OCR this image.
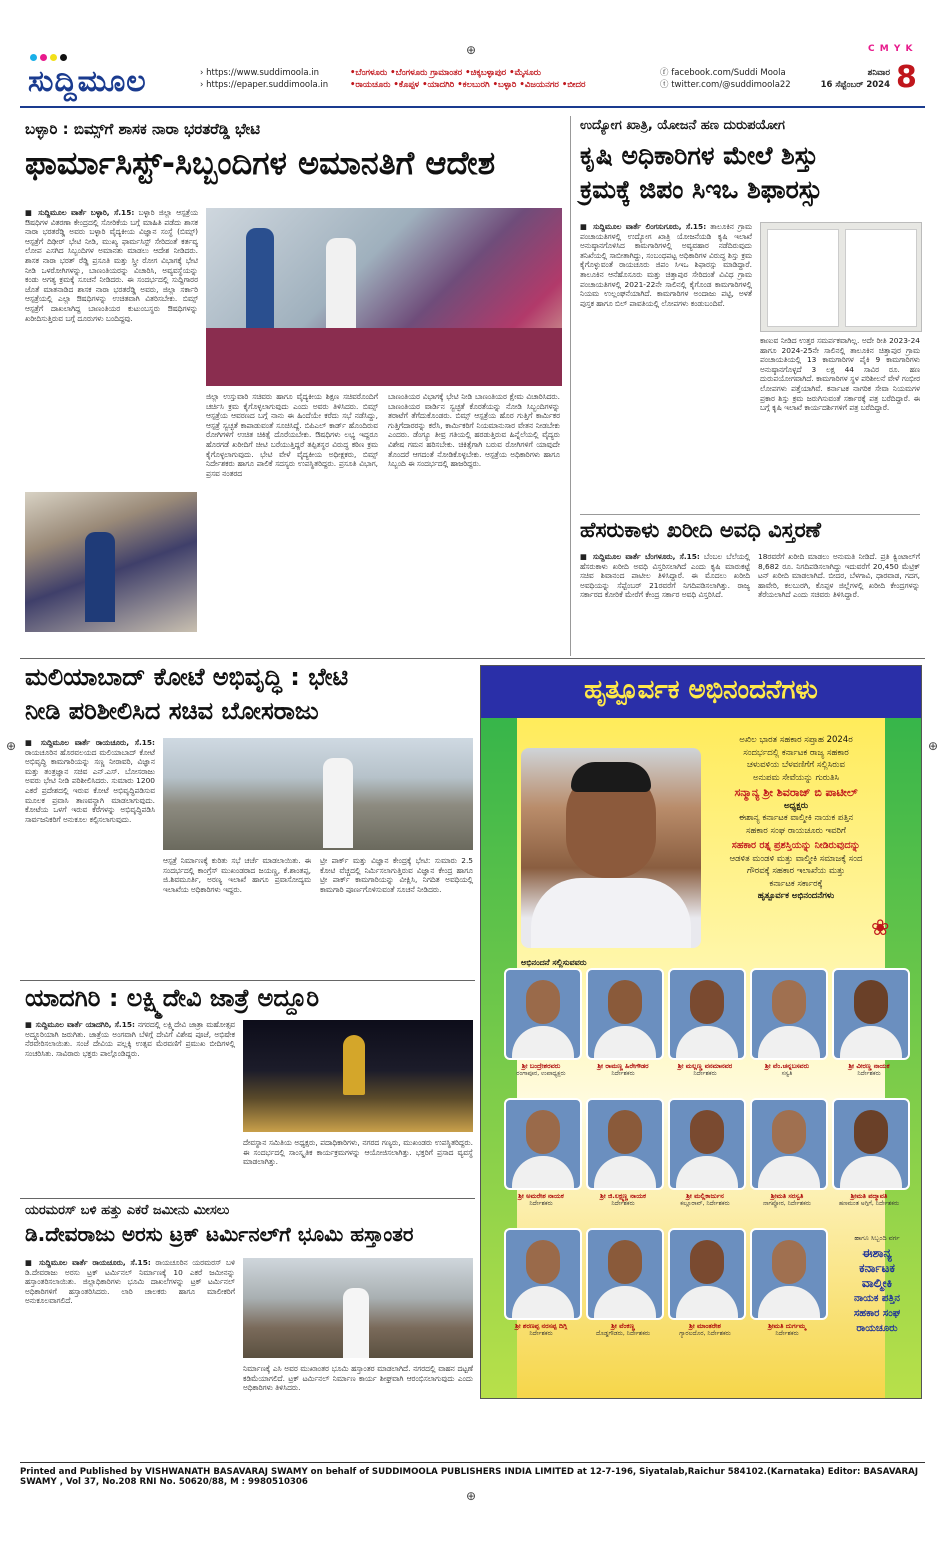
⊕	C M Y K
⊕	⊕
⊕
ಸುದ್ದಿಮೂಲ	› https://www.suddimoola.in
› https://epaper.suddimoola.in
•ಬೆಂಗಳೂರು •ಬೆಂಗಳೂರು ಗ್ರಾಮಾಂತರ •ಚಿಕ್ಕಬಳ್ಳಾಪುರ •ಮೈಸೂರು
•ರಾಯಚೂರು •ಕೊಪ್ಪಳ •ಯಾದಗಿರಿ •ಕಲಬುರಗಿ •ಬಳ್ಳಾರಿ •ವಿಜಯನಗರ •ಬೀದರ
ⓕ facebook.com/Suddi Moola
ⓣ twitter.com/@suddimoola22
ಶನಿವಾರ
16 ಸೆಪ್ಟೆಂಬರ್ 2024 8
ಬಳ್ಳಾರಿ : ಬಿಮ್ಸ್‌ಗೆ ಶಾಸಕ ನಾರಾ ಭರತರೆಡ್ಡಿ ಭೇಟಿ
ಫಾರ್ಮಾಸಿಸ್ಟ್-ಸಿಬ್ಬಂದಿಗಳ ಅಮಾನತಿಗೆ ಆದೇಶ
■ ಸುದ್ದಿಮೂಲ ವಾರ್ತೆ ಬಳ್ಳಾರಿ, ಸೆ.15: ಬಳ್ಳಾರಿ ಜಿಲ್ಲಾ ಆಸ್ಪತ್ರೆಯ ಔಷಧಿಗಳ ವಿತರಣಾ ಕೇಂದ್ರದಲ್ಲಿ ಸೋರಿಕೆಯ ಬಗ್ಗೆ ಮಾಹಿತಿ ಪಡೆದು ಶಾಸಕ ನಾರಾ ಭರತರೆಡ್ಡಿ ಅವರು ಬಳ್ಳಾರಿ ವೈದ್ಯಕೀಯ ವಿಜ್ಞಾನ ಸಂಸ್ಥೆ (ಬಿಮ್ಸ್) ಆಸ್ಪತ್ರೆಗೆ ದಿಢೀರ್ ಭೇಟಿ ನೀಡಿ, ಮುಖ್ಯ ಫಾರ್ಮಸಿಸ್ಟ್ ಸೇರಿದಂತೆ ಕರ್ತವ್ಯ ಲೋಪ ಎಸಗಿದ ಸಿಬ್ಬಂದಿಗಳ ಅಮಾನತು ಮಾಡಲು ಆದೇಶ ನೀಡಿದರು. ಶಾಸಕ ನಾರಾ ಭರತ್ ರೆಡ್ಡಿ ಪ್ರಸೂತಿ ಮತ್ತು ಸ್ತ್ರೀ ರೋಗ ವಿಭಾಗಕ್ಕೆ ಭೇಟಿ ನೀಡಿ ಒಳರೋಗಿಗಳನ್ನು, ಬಾಣಂತಿಯರನ್ನು ವಿಚಾರಿಸಿ, ಅವ್ಯವಸ್ಥೆಯನ್ನು ಕಂಡು ಅಗತ್ಯ ಕ್ರಮಕ್ಕೆ ಸೂಚನೆ ನೀಡಿದರು. ಈ ಸಂದರ್ಭದಲ್ಲಿ ಸುದ್ದಿಗಾರರ ಜೊತೆ ಮಾತನಾಡಿದ ಶಾಸಕ ನಾರಾ ಭರತರೆಡ್ಡಿ ಅವರು, ಜಿಲ್ಲಾ ಸರ್ಕಾರಿ ಆಸ್ಪತ್ರೆಯಲ್ಲಿ ಎಲ್ಲಾ ಔಷಧಿಗಳನ್ನು ಉಚಿತವಾಗಿ ವಿತರಿಸಬೇಕು. ಬಿಮ್ಸ್ ಆಸ್ಪತ್ರೆಗೆ ದಾಖಲಾಗಿದ್ದ ಬಾಣಂತಿಯರ ಕುಟುಂಬಸ್ಥರು ಔಷಧಿಗಳನ್ನು ಖರೀದಿಸುತ್ತಿರುವ ಬಗ್ಗೆ ದೂರುಗಳು ಬಂದಿದ್ದವು.
ಜಿಲ್ಲಾ ಉಸ್ತುವಾರಿ ಸಚಿವರು ಹಾಗೂ ವೈದ್ಯಕೀಯ ಶಿಕ್ಷಣ ಸಚಿವರೊಂದಿಗೆ ಚರ್ಚಿಸಿ ಕ್ರಮ ಕೈಗೊಳ್ಳಲಾಗುವುದು ಎಂದು ಅವರು ತಿಳಿಸಿದರು. ಬಿಮ್ಸ್ ಆಸ್ಪತ್ರೆಯ ಆವರಣದ ಬಗ್ಗೆ ನಾನು ಈ ಹಿಂದೆಯೇ ಕರೆದು ಸಭೆ ನಡೆಸಿದ್ದು, ಆಸ್ಪತ್ರೆ ಸ್ವಚ್ಛತೆ ಕಾಪಾಡುವಂತೆ ಸೂಚಿಸಿದ್ದೆ. ಬಿಪಿಎಲ್ ಕಾರ್ಡ್ ಹೊಂದಿರುವ ರೋಗಿಗಳಿಗೆ ಉಚಿತ ಚಿಕಿತ್ಸೆ ದೊರೆಯಬೇಕು. ಔಷಧಿಗಳು ಲಭ್ಯ ಇದ್ದರೂ ಹೊರಗಡೆ ಖರೀದಿಗೆ ಚೀಟಿ ಬರೆಯುತ್ತಿದ್ದರೆ ತಪ್ಪಿತಸ್ಥರ ವಿರುದ್ಧ ಕಠಿಣ ಕ್ರಮ ಕೈಗೊಳ್ಳಲಾಗುವುದು. ಭೇಟಿ ವೇಳೆ ವೈದ್ಯಕೀಯ ಅಧೀಕ್ಷಕರು, ಬಿಮ್ಸ್ ನಿರ್ದೇಶಕರು ಹಾಗೂ ಪಾಲಿಕೆ ಸದಸ್ಯರು ಉಪಸ್ಥಿತರಿದ್ದರು. ಪ್ರಸೂತಿ ವಿಭಾಗ, ಪ್ರಸವ ನಂತರದ
ಬಾಣಂತಿಯರ ವಿಭಾಗಕ್ಕೆ ಭೇಟಿ ನೀಡಿ ಬಾಣಂತಿಯರ ಕ್ಷೇಮ ವಿಚಾರಿಸಿದರು. ಬಾಣಂತಿಯರ ವಾರ್ಡಿನ ಸ್ವಚ್ಛತೆ ಕೊರತೆಯನ್ನು ನೋಡಿ ಸಿಬ್ಬಂದಿಗಳನ್ನು ತರಾಟೆಗೆ ತೆಗೆದುಕೊಂಡರು. ಬಿಮ್ಸ್ ಆಸ್ಪತ್ರೆಯ ಹೊರ ಗುತ್ತಿಗೆ ಕಾರ್ಮಿಕರ ಗುತ್ತಿಗೆದಾರರನ್ನು ಕರೆಸಿ, ಕಾರ್ಮಿಕರಿಗೆ ನಿಯಮಾನುಸಾರ ವೇತನ ನೀಡಬೇಕು ಎಂದರು. ಡೆಂಗ್ಯೂ ತೀವ್ರ ಗತಿಯಲ್ಲಿ ಹರಡುತ್ತಿರುವ ಹಿನ್ನೆಲೆಯಲ್ಲಿ ವೈದ್ಯರು ವಿಶೇಷ ಗಮನ ಹರಿಸಬೇಕು. ಚಿಕಿತ್ಸೆಗಾಗಿ ಬರುವ ರೋಗಿಗಳಿಗೆ ಯಾವುದೇ ತೊಂದರೆ ಆಗದಂತೆ ನೋಡಿಕೊಳ್ಳಬೇಕು. ಆಸ್ಪತ್ರೆಯ ಅಧಿಕಾರಿಗಳು ಹಾಗೂ ಸಿಬ್ಬಂದಿ ಈ ಸಂದರ್ಭದಲ್ಲಿ ಹಾಜರಿದ್ದರು.
ಉದ್ಯೋಗ ಖಾತ್ರಿ, ಯೋಜನೆ ಹಣ ದುರುಪಯೋಗ
ಕೃಷಿ ಅಧಿಕಾರಿಗಳ ಮೇಲೆ ಶಿಸ್ತು
ಕ್ರಮಕ್ಕೆ ಜಿಪಂ ಸಿಇಒ ಶಿಫಾರಸ್ಸು
■ ಸುದ್ದಿಮೂಲ ವಾರ್ತೆ ಲಿಂಗಸುಗೂರು, ಸೆ.15: ತಾಲೂಕಿನ ಗ್ರಾಮ ಪಂಚಾಯತಿಗಳಲ್ಲಿ ಉದ್ಯೋಗ ಖಾತ್ರಿ ಯೋಜನೆಯಡಿ ಕೃಷಿ ಇಲಾಖೆ ಅನುಷ್ಠಾನಗೊಳಿಸಿದ ಕಾಮಗಾರಿಗಳಲ್ಲಿ ಅವ್ಯವಹಾರ ನಡೆದಿರುವುದು ತನಿಖೆಯಲ್ಲಿ ಸಾಬೀತಾಗಿದ್ದು, ಸಂಬಂಧಪಟ್ಟ ಅಧಿಕಾರಿಗಳ ವಿರುದ್ಧ ಶಿಸ್ತು ಕ್ರಮ ಕೈಗೊಳ್ಳುವಂತೆ ರಾಯಚೂರು ಜಿಪಂ ಸಿಇಒ ಶಿಫಾರಸ್ಸು ಮಾಡಿದ್ದಾರೆ. ತಾಲೂಕಿನ ಆನೆಹೊಸೂರು ಮತ್ತು ಚಿತ್ತಾಪುರ ಸೇರಿದಂತೆ ವಿವಿಧ ಗ್ರಾಮ ಪಂಚಾಯತಿಗಳಲ್ಲಿ 2021-22ನೇ ಸಾಲಿನಲ್ಲಿ ಕೈಗೊಂಡ ಕಾಮಗಾರಿಗಳಲ್ಲಿ ನಿಯಮ ಉಲ್ಲಂಘನೆಯಾಗಿದೆ. ಕಾಮಗಾರಿಗಳ ಅಂದಾಜು ಪಟ್ಟಿ, ಅಳತೆ ಪುಸ್ತಕ ಹಾಗೂ ಬಿಲ್ ಪಾವತಿಯಲ್ಲಿ ಲೋಪಗಳು ಕಂಡುಬಂದಿವೆ.
ಕಾಣುವ ನೀಡಿದ ಉತ್ತರ ಸಮರ್ಪಕವಾಗಿಲ್ಲ. ಅದೇ ರೀತಿ 2023-24 ಹಾಗೂ 2024-25ನೇ ಸಾಲಿನಲ್ಲಿ ತಾಲೂಕಿನ ಚಿತ್ತಾಪುರ ಗ್ರಾಮ ಪಂಚಾಯತಿಯಲ್ಲಿ 13 ಕಾಮಗಾರಿಗಳ ಪೈಕಿ 9 ಕಾಮಗಾರಿಗಳು ಅನುಷ್ಠಾನಗೊಳ್ಳದೆ 3 ಲಕ್ಷ 44 ಸಾವಿರ ರೂ. ಹಣ ದುರುಪಯೋಗವಾಗಿದೆ. ಕಾಮಗಾರಿಗಳ ಸ್ಥಳ ಪರಿಶೀಲನೆ ವೇಳೆ ಗಂಭೀರ ಲೋಪಗಳು ಪತ್ತೆಯಾಗಿವೆ. ಕರ್ನಾಟಕ ನಾಗರಿಕ ಸೇವಾ ನಿಯಮಗಳ ಪ್ರಕಾರ ಶಿಸ್ತು ಕ್ರಮ ಜರುಗಿಸುವಂತೆ ಸರ್ಕಾರಕ್ಕೆ ಪತ್ರ ಬರೆದಿದ್ದಾರೆ. ಈ ಬಗ್ಗೆ ಕೃಷಿ ಇಲಾಖೆ ಕಾರ್ಯದರ್ಶಿಗಳಿಗೆ ಪತ್ರ ಬರೆದಿದ್ದಾರೆ.
ಹೆಸರುಕಾಳು ಖರೀದಿ ಅವಧಿ ವಿಸ್ತರಣೆ
■ ಸುದ್ದಿಮೂಲ ವಾರ್ತೆ ಬೆಂಗಳೂರು, ಸೆ.15: ಬೆಂಬಲ ಬೆಲೆಯಲ್ಲಿ ಹೆಸರುಕಾಳು ಖರೀದಿ ಅವಧಿ ವಿಸ್ತರಿಸಲಾಗಿದೆ ಎಂದು ಕೃಷಿ ಮಾರುಕಟ್ಟೆ ಸಚಿವ ಶಿವಾನಂದ ಪಾಟೀಲ ತಿಳಿಸಿದ್ದಾರೆ. ಈ ಮೊದಲು ಖರೀದಿ ಅವಧಿಯನ್ನು ಸೆಪ್ಟೆಂಬರ್ 21ರವರೆಗೆ ನಿಗದಿಪಡಿಸಲಾಗಿತ್ತು. ರಾಜ್ಯ ಸರ್ಕಾರದ ಕೋರಿಕೆ ಮೇರೆಗೆ ಕೇಂದ್ರ ಸರ್ಕಾರ ಅವಧಿ ವಿಸ್ತರಿಸಿದೆ.
18ರವರೆಗೆ ಖರೀದಿ ಮಾಡಲು ಅನುಮತಿ ನೀಡಿದೆ. ಪ್ರತಿ ಕ್ವಿಂಟಾಲ್‌ಗೆ 8,682 ರೂ. ನಿಗದಿಪಡಿಸಲಾಗಿದ್ದು ಇದುವರೆಗೆ 20,450 ಮೆಟ್ರಿಕ್ ಟನ್ ಖರೀದಿ ಮಾಡಲಾಗಿದೆ. ಬೀದರ, ಬೆಳಗಾವಿ, ಧಾರವಾಡ, ಗದಗ, ಹಾವೇರಿ, ಕಲಬುರಗಿ, ಕೊಪ್ಪಳ ಜಿಲ್ಲೆಗಳಲ್ಲಿ ಖರೀದಿ ಕೇಂದ್ರಗಳನ್ನು ತೆರೆಯಲಾಗಿದೆ ಎಂದು ಸಚಿವರು ತಿಳಿಸಿದ್ದಾರೆ.
ಮಲಿಯಾಬಾದ್ ಕೋಟೆ ಅಭಿವೃದ್ಧಿ : ಭೇಟಿ
ನೀಡಿ ಪರಿಶೀಲಿಸಿದ ಸಚಿವ ಬೋಸರಾಜು
■ ಸುದ್ದಿಮೂಲ ವಾರ್ತೆ ರಾಯಚೂರು, ಸೆ.15: ರಾಯಚೂರಿನ ಹೊರವಲಯದ ಮಲಿಯಾಬಾದ್ ಕೋಟೆ ಅಭಿವೃದ್ಧಿ ಕಾಮಗಾರಿಯನ್ನು ಸಣ್ಣ ನೀರಾವರಿ, ವಿಜ್ಞಾನ ಮತ್ತು ತಂತ್ರಜ್ಞಾನ ಸಚಿವ ಎನ್.ಎಸ್. ಬೋಸರಾಜು ಅವರು ಭೇಟಿ ನೀಡಿ ಪರಿಶೀಲಿಸಿದರು. ಸುಮಾರು 1200 ಎಕರೆ ಪ್ರದೇಶದಲ್ಲಿ ಇರುವ ಕೋಟೆ ಅಭಿವೃದ್ಧಿಪಡಿಸುವ ಮೂಲಕ ಪ್ರವಾಸಿ ತಾಣವನ್ನಾಗಿ ಮಾಡಲಾಗುವುದು. ಕೋಟೆಯ ಒಳಗೆ ಇರುವ ಕೆರೆಗಳನ್ನು ಅಭಿವೃದ್ಧಿಪಡಿಸಿ ಸಾರ್ವಜನಿಕರಿಗೆ ಅನುಕೂಲ ಕಲ್ಪಿಸಲಾಗುವುದು.
ಆಸ್ಪತ್ರೆ ನಿರ್ಮಾಣಕ್ಕೆ ಕುರಿತು ಸಭೆ ಚರ್ಚೆ ಮಾಡಲಾಯಿತು. ಈ ಸಂದರ್ಭದಲ್ಲಿ ಕಾಂಗ್ರೆಸ್ ಮುಖಂಡರಾದ ಜಯಣ್ಣ, ಕೆ.ಶಾಂತಪ್ಪ, ಜಿ.ಶಿವಮೂರ್ತಿ, ಅರಣ್ಯ ಇಲಾಖೆ ಹಾಗೂ ಪ್ರವಾಸೋದ್ಯಮ ಇಲಾಖೆಯ ಅಧಿಕಾರಿಗಳು ಇದ್ದರು.
ಟ್ರೀ ಪಾರ್ಕ್ ಮತ್ತು ವಿಜ್ಞಾನ ಕೇಂದ್ರಕ್ಕೆ ಭೇಟಿ: ಸುಮಾರು 2.5 ಕೋಟಿ ವೆಚ್ಚದಲ್ಲಿ ನಿರ್ಮಿಸಲಾಗುತ್ತಿರುವ ವಿಜ್ಞಾನ ಕೇಂದ್ರ ಹಾಗೂ ಟ್ರೀ ಪಾರ್ಕ್ ಕಾಮಗಾರಿಯನ್ನು ವೀಕ್ಷಿಸಿ, ನಿಗದಿತ ಅವಧಿಯಲ್ಲಿ ಕಾಮಗಾರಿ ಪೂರ್ಣಗೊಳಿಸುವಂತೆ ಸೂಚನೆ ನೀಡಿದರು.
ಯಾದಗಿರಿ : ಲಕ್ಷ್ಮಿದೇವಿ ಜಾತ್ರೆ ಅದ್ದೂರಿ
■ ಸುದ್ದಿಮೂಲ ವಾರ್ತೆ ಯಾದಗಿರಿ, ಸೆ.15: ನಗರದಲ್ಲಿ ಲಕ್ಷ್ಮಿದೇವಿ ಜಾತ್ರಾ ಮಹೋತ್ಸವ ಅದ್ದೂರಿಯಾಗಿ ಜರುಗಿತು. ಜಾತ್ರೆಯ ಅಂಗವಾಗಿ ಬೆಳಿಗ್ಗೆ ದೇವಿಗೆ ವಿಶೇಷ ಪೂಜೆ, ಅಭಿಷೇಕ ನೆರವೇರಿಸಲಾಯಿತು. ಸಂಜೆ ದೇವಿಯ ಪಲ್ಲಕ್ಕಿ ಉತ್ಸವ ಮೆರವಣಿಗೆ ಪ್ರಮುಖ ಬೀದಿಗಳಲ್ಲಿ ಸಂಚರಿಸಿತು. ಸಾವಿರಾರು ಭಕ್ತರು ಪಾಲ್ಗೊಂಡಿದ್ದರು.
ದೇವಸ್ಥಾನ ಸಮಿತಿಯ ಅಧ್ಯಕ್ಷರು, ಪದಾಧಿಕಾರಿಗಳು, ನಗರದ ಗಣ್ಯರು, ಮುಖಂಡರು ಉಪಸ್ಥಿತರಿದ್ದರು. ಈ ಸಂದರ್ಭದಲ್ಲಿ ಸಾಂಸ್ಕೃತಿಕ ಕಾರ್ಯಕ್ರಮಗಳನ್ನು ಆಯೋಜಿಸಲಾಗಿತ್ತು. ಭಕ್ತರಿಗೆ ಪ್ರಸಾದ ವ್ಯವಸ್ಥೆ ಮಾಡಲಾಗಿತ್ತು.
ಯರಮರಸ್ ಬಳಿ ಹತ್ತು ಎಕರೆ ಜಮೀನು ಮೀಸಲು
ಡಿ.ದೇವರಾಜು ಅರಸು ಟ್ರಕ್ ಟರ್ಮಿನಲ್‌ಗೆ ಭೂಮಿ ಹಸ್ತಾಂತರ
■ ಸುದ್ದಿಮೂಲ ವಾರ್ತೆ ರಾಯಚೂರು, ಸೆ.15: ರಾಯಚೂರಿನ ಯರಮರಸ್ ಬಳಿ ಡಿ.ದೇವರಾಜು ಅರಸು ಟ್ರಕ್ ಟರ್ಮಿನಲ್ ನಿರ್ಮಾಣಕ್ಕೆ 10 ಎಕರೆ ಜಮೀನನ್ನು ಹಸ್ತಾಂತರಿಸಲಾಯಿತು. ಜಿಲ್ಲಾಧಿಕಾರಿಗಳು ಭೂಮಿ ದಾಖಲೆಗಳನ್ನು ಟ್ರಕ್ ಟರ್ಮಿನಲ್ ಅಧಿಕಾರಿಗಳಿಗೆ ಹಸ್ತಾಂತರಿಸಿದರು. ಲಾರಿ ಚಾಲಕರು ಹಾಗೂ ಮಾಲೀಕರಿಗೆ ಅನುಕೂಲವಾಗಲಿದೆ.
ನಿರ್ಮಾಣಕ್ಕೆ ಎಸಿ ಅವರ ಮುಖಾಂತರ ಭೂಮಿ ಹಸ್ತಾಂತರ ಮಾಡಲಾಗಿದೆ. ನಗರದಲ್ಲಿ ವಾಹನ ದಟ್ಟಣೆ ಕಡಿಮೆಯಾಗಲಿದೆ. ಟ್ರಕ್ ಟರ್ಮಿನಲ್ ನಿರ್ಮಾಣ ಕಾರ್ಯ ಶೀಘ್ರವಾಗಿ ಆರಂಭಿಸಲಾಗುವುದು ಎಂದು ಅಧಿಕಾರಿಗಳು ತಿಳಿಸಿದರು.
ಹೃತ್ಪೂರ್ವಕ ಅಭಿನಂದನೆಗಳು
ಅಖಿಲ ಭಾರತ ಸಹಕಾರ ಸಪ್ತಾಹ 2024ರ
ಸಂದರ್ಭದಲ್ಲಿ ಕರ್ನಾಟಕ ರಾಜ್ಯ ಸಹಕಾರ
ಚಳುವಳಿಯ ಬೆಳವಣಿಗೆಗೆ ಸಲ್ಲಿಸಿರುವ
ಅನುಪಮ ಸೇವೆಯನ್ನು ಗುರುತಿಸಿ
ಸನ್ಮಾನ್ಯ ಶ್ರೀ ಶಿವರಾಜ್ ಬಿ ಪಾಟೀಲ್
ಅಧ್ಯಕ್ಷರು
ಈಶಾನ್ಯ ಕರ್ನಾಟಕ ವಾಲ್ಮೀಕಿ ನಾಯಕ ಪತ್ತಿನ
ಸಹಕಾರ ಸಂಘ ರಾಯಚೂರು ಇವರಿಗೆ
ಸಹಕಾರ ರತ್ನ ಪ್ರಶಸ್ತಿಯನ್ನು ನೀಡಿರುವುದನ್ನು
ಆಡಳಿತ ಮಂಡಳಿ ಮತ್ತು ವಾಲ್ಮೀಕಿ ಸಮಾಜಕ್ಕೆ ಸಂದ
ಗೌರವಕ್ಕೆ ಸಹಕಾರ ಇಲಾಖೆಯ ಮತ್ತು
ಕರ್ನಾಟಕ ಸರ್ಕಾರಕ್ಕೆ
ಹೃತ್ಪೂರ್ವಕ ಅಭಿನಂದನೆಗಳು
❀
ಅಭಿನಂದನೆ ಸಲ್ಲಿಸುವವರು
ಶ್ರೀ ಬಂದ್ರೇಶರವರು
ರಂಗಾಪೂರ, ಉಪಾಧ್ಯಕ್ಷರು
ಶ್ರೀ ರಾಮಣ್ಣ ಹಿರೇಗೌಡರ
ನಿರ್ದೇಶಕರು
ಶ್ರೀ ಮಲ್ಲಣ್ಣ ವನಮಾನವರ
ನಿರ್ದೇಶಕರು
ಶ್ರೀ ವೆಂ.ಚನ್ನಬಸವರು
ಸಸ್ವತಿ
ಶ್ರೀ ವೀರಣ್ಣ ನಾಯಕ
ನಿರ್ದೇಶಕರು
ಶ್ರೀ ಅಮರೇಶ ನಾಯಕ
ನಿರ್ದೇಶಕರು
ಶ್ರೀ ಜಿ.ಲಕ್ಷ್ಮಣ್ಣ ನಾಯಕ
ನಿರ್ದೇಶಕರು
ಶ್ರೀ ಮಲ್ಲಿಕಾರ್ಜುನ
ಕಲ್ಲೂರಾವ್, ನಿರ್ದೇಶಕರು
ಶ್ರೀಮತಿ ಸರಸ್ವತಿ
ನಾಗಪ್ಪೋರ, ನಿರ್ದೇಶಕರು
ಶ್ರೀಮತಿ ಪದ್ಮಾವತಿ
ಹಣಮಂತ ಅಗ್ಗಿಗೆ, ನಿರ್ದೇಶಕರು
ಶ್ರೀ ಶರಣಪ್ಪ ನರಸಪ್ಪ ದಿಗ್ಗಿ
ನಿರ್ದೇಶಕರು
ಶ್ರೀ ವೆಂಕಣ್ಣ
ದೊಡ್ಡಗೌಡರು, ನಿರ್ದೇಶಕರು
ಶ್ರೀ ಮಾಂತರೇಶ
ಗ್ಯಾರಲದೊರ, ನಿರ್ದೇಶಕರು
ಶ್ರೀಮತಿ ದುರ್ಗಮ್ಮ
ನಿರ್ದೇಶಕರು
ಹಾಗೂ ಸಿಬ್ಬಂದಿ ವರ್ಗ
ಈಶಾನ್ಯ
ಕರ್ನಾಟಕ
ವಾಲ್ಮೀಕಿ
ನಾಯಕ ಪತ್ತಿನ
ಸಹಕಾರ ಸಂಘ
ರಾಯಚೂರು
Printed and Published by VISHWANATH BASAVARAJ SWAMY on behalf of SUDDIMOOLA PUBLISHERS INDIA LIMITED at 12-7-196, Siyatalab,Raichur 584102.(Karnataka) Editor: BASAVARAJ SWAMY , Vol 37, No.208 RNI No. 50620/88, M : 9980510306
